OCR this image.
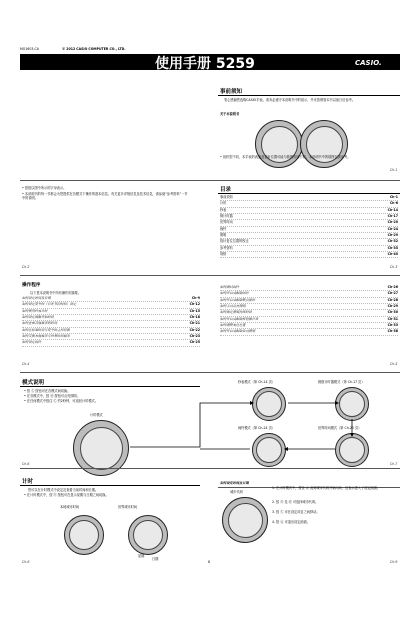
MO1603-CA	© 2012 CASIO COMPUTER CO., LTD.
使用手册 5259	CASIO.
事前须知
衷心感谢您选购CASIO手表。请务必遵守本说明书中的指示，并妥善保管本书以备日后参考。
关于本说明书
• 视机型不同，本手表的表盘及指针位置可能与插图有所不同。本说明书中的插图仅供参考。
Ch-1
• 按钮以图中所示的字母表示。
• 本说明书的每一节都会为您提供在各模式下操作的基本信息。有关更多详细信息及技术信息，请参阅“参考资料”一节中的说明。
Ch-2
目录
事前须知	Ch-1
计时	Ch-6
秒表	Ch-14
倒计时器	Ch-17
世界时间	Ch-20
闹铃	Ch-24
照明	Ch-29
指针复位位置的校正	Ch-32
参考资料	Ch-35
规格	Ch-40
Ch-3
操作程序
以下是本说明书中所有操作的摘要。
如何设定时间及日期	Ch-9
如何设定夏令时（日光节约时间）设定	Ch-12
如何使用秒表计时	Ch-15
如何设定倒数开始时间	Ch-18
如何查看其他城市的时间	Ch-21
如何在标准时间与夏令时之间切换	Ch-22
如何交换本地城市与世界时间城市	Ch-23
如何设定闹铃	Ch-25
Ch-4
如何测试闹铃	Ch-26
如何开启或解除闹铃	Ch-27
如何开启或解除整点报时	Ch-28
如何手动点亮照明	Ch-29
如何指定照明持续时间	Ch-30
如何开启或解除按钮操作音	Ch-31
如何调整复位位置	Ch-33
如何开启或解除自动照明	Ch-38
Ch-5
模式说明
• 按 Ⓒ 按钮可在各模式间切换。
• 在各模式中，按 Ⓑ 按钮可点亮照明。
• 在任何模式中按住 Ⓒ 约2秒钟，可返回计时模式。
计时模式
Ch-6
秒表模式（第 Ch-14 页）	倒数计时器模式（第 Ch-17 页）
闹铃模式（第 Ch-24 页）	世界时间模式（第 Ch-20 页）
Ch-7
计时
您可以在计时模式中设定及查看当前时间和日期。
• 在计时模式中，按 Ⓓ 按钮可在显示星期与日期之间切换。
本地城市时间	世界城市时间
星期
日期
Ch-8	8
如何设定时间及日期
城市代码
1. 在计时模式中，按住 Ⓐ 直到城市代码开始闪动，这表示进入了设定画面。
2. 按 Ⓓ 及 Ⓑ 可选择城市代码。
3. 按 Ⓒ 可在设定项目之间移动。
4. 按 Ⓐ 可退出设定画面。
Ch-9
